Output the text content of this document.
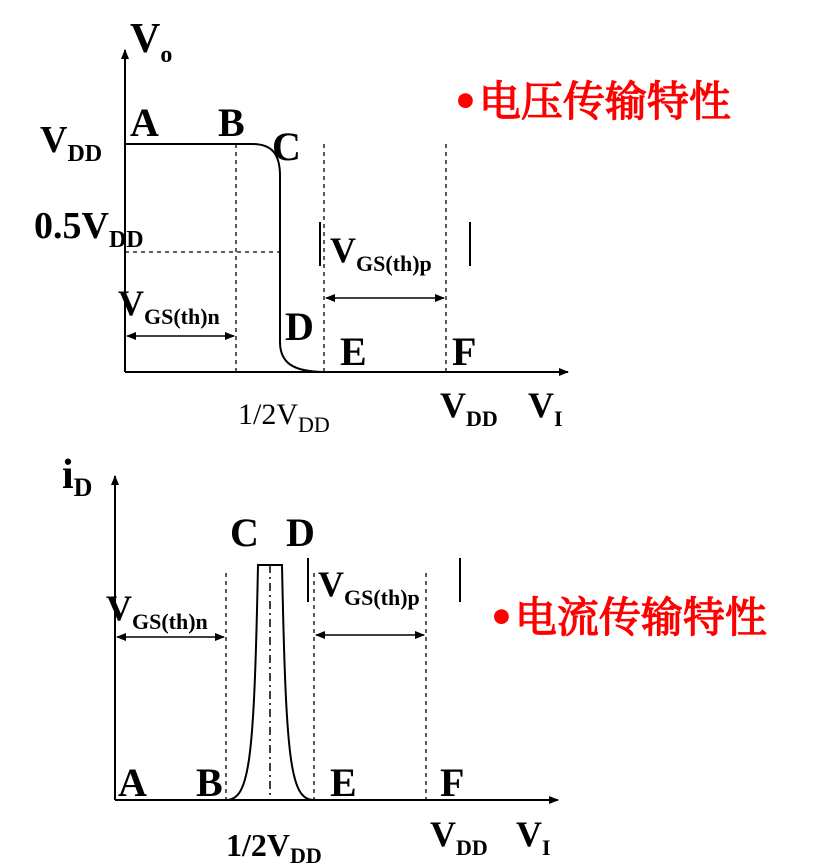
$V_o$
$V_I$
$V_{DD}$
$0.5V_{DD}$
$1/2V_{DD}$	$V_{DD}$
$V_{GS(th)n}$
$V_{GS(th)p}$
A B
C
D
E F
•电压传输特性
iD
$V_I$
$1/2V_{DD}$
$V_{DD}$
$V_{GS(th)n}$
$V_{GS(th)p}$
A B
C D
E F
•电流传输特性
